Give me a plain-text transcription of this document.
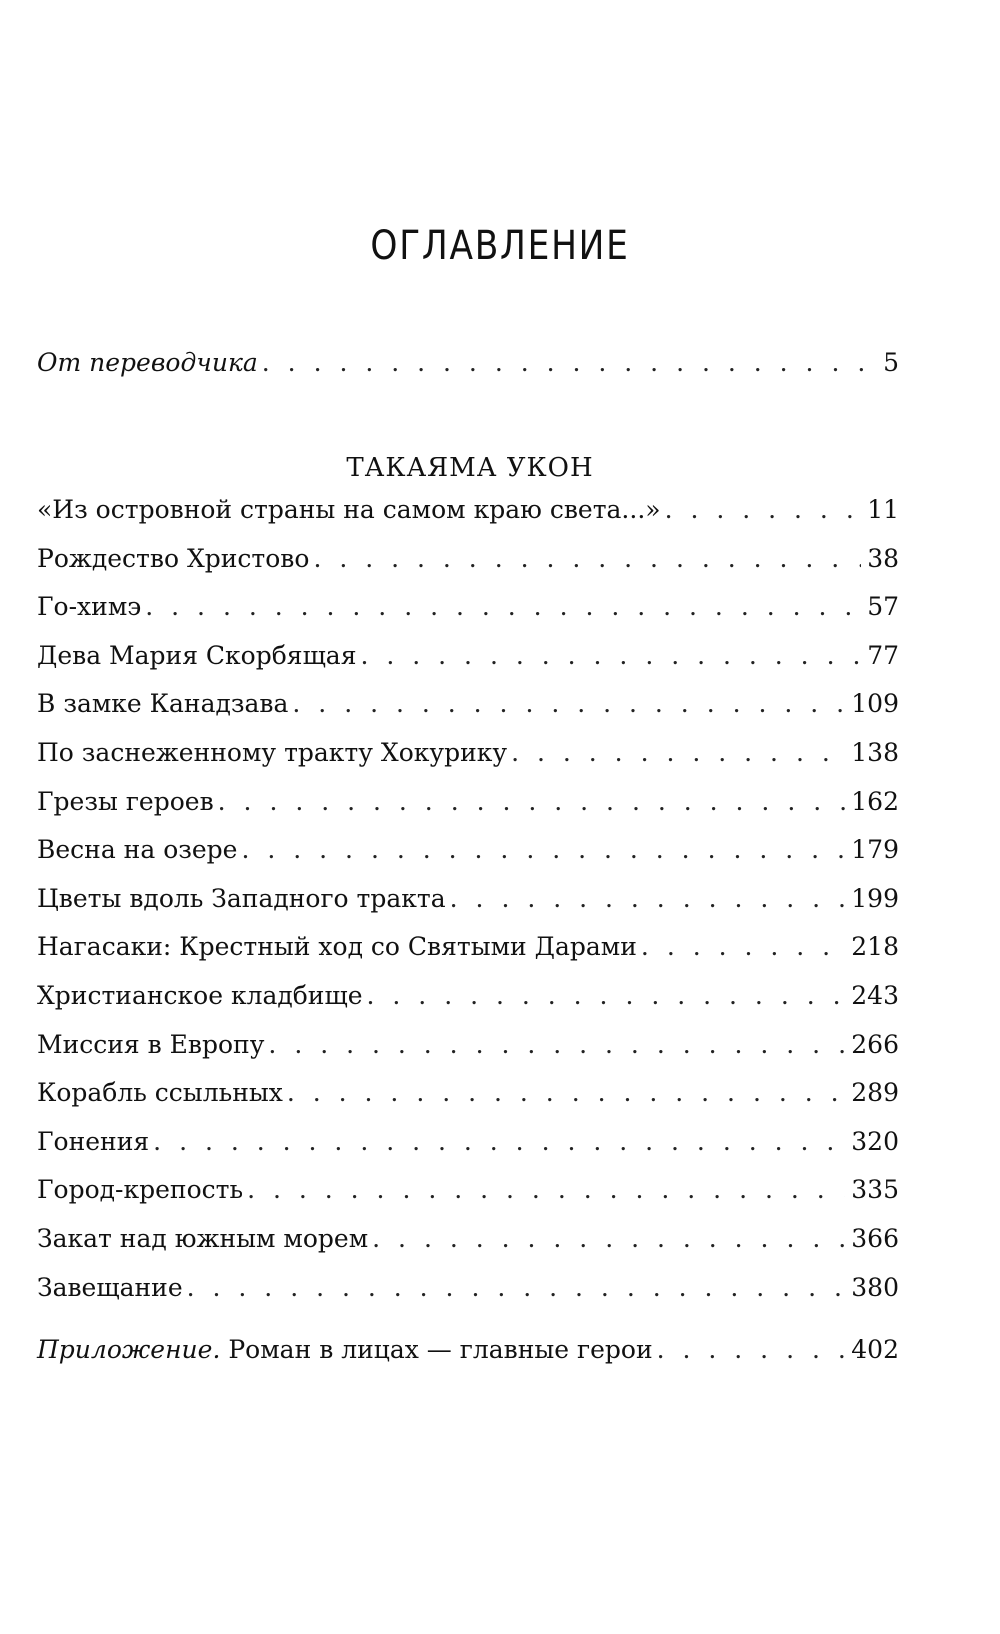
ОГЛАВЛЕНИЕ
От переводчика . . .	5
ТАКАЯМА УКОН
«Из островной страны на самом краю света...» . . .	11
Рождество Христово . . .	38
Го-химэ . . .	57
Дева Мария Скорбящая . . .	77
В замке Канадзава . . .	109
По заснеженному тракту Хокурику . . .	138
Грезы героев . . .	162
Весна на озере . . .	179
Цветы вдоль Западного тракта . . .	199
Нагасаки: Крестный ход со Святыми Дарами . . .	218
Христианское кладбище . . .	243
Миссия в Европу . . .	266
Корабль ссыльных . . .	289
Гонения . . .	320
Город-крепость . . .	335
Закат над южным морем . . .	366
Завещание . . .	380
Приложение. Роман в лицах — главные герои . . .	402
